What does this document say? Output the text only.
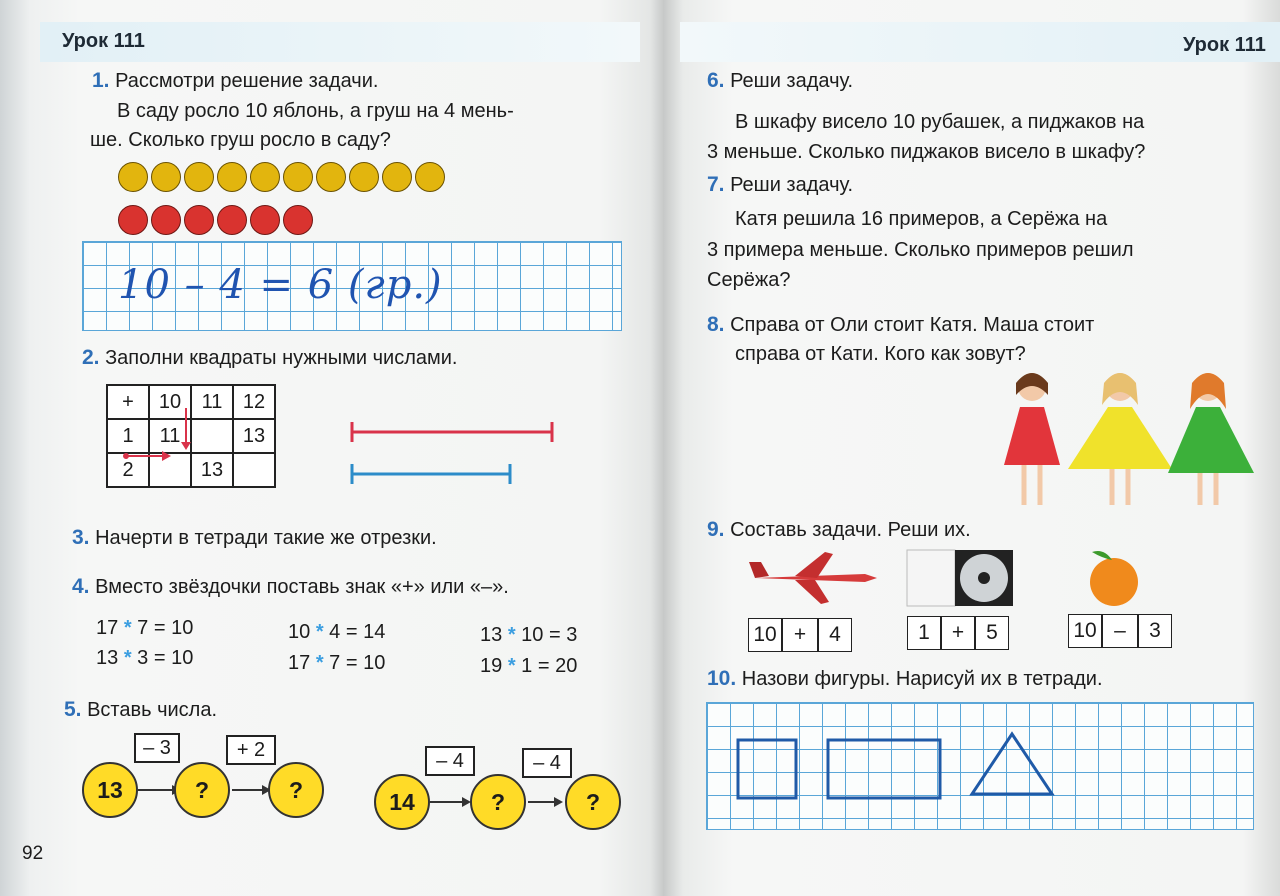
Урок 111
1. Рассмотри решение задачи.
В саду росло 10 яблонь, а груш на 4 мень-
ше. Сколько груш росло в саду?
10 – 4 = 6 (гр.)
2. Заполни квадраты нужными числами.
+	10	11	12
1	11		13
2		13	
3. Начерти в тетради такие же отрезки.
4. Вместо звёздочки поставь знак «+» или «–».
17 * 7 = 10
13 * 3 = 10
10 * 4 = 14
17 * 7 = 10
13 * 10 = 3
19 * 1 = 20
5. Вставь числа.
– 3	+ 2
13	?	?
– 4	– 4
14	?	?
92
Урок 111
6. Реши задачу.
В шкафу висело 10 рубашек, а пиджаков на
3 меньше. Сколько пиджаков висело в шкафу?
7. Реши задачу.
Катя решила 16 примеров, а Серёжа на
3 примера меньше. Сколько примеров решил
Серёжа?
8. Справа от Оли стоит Катя. Маша стоит
справа от Кати. Кого как зовут?
9. Составь задачи. Реши их.
10 + 4	1 + 5	10 – 3
10. Назови фигуры. Нарисуй их в тетради.
